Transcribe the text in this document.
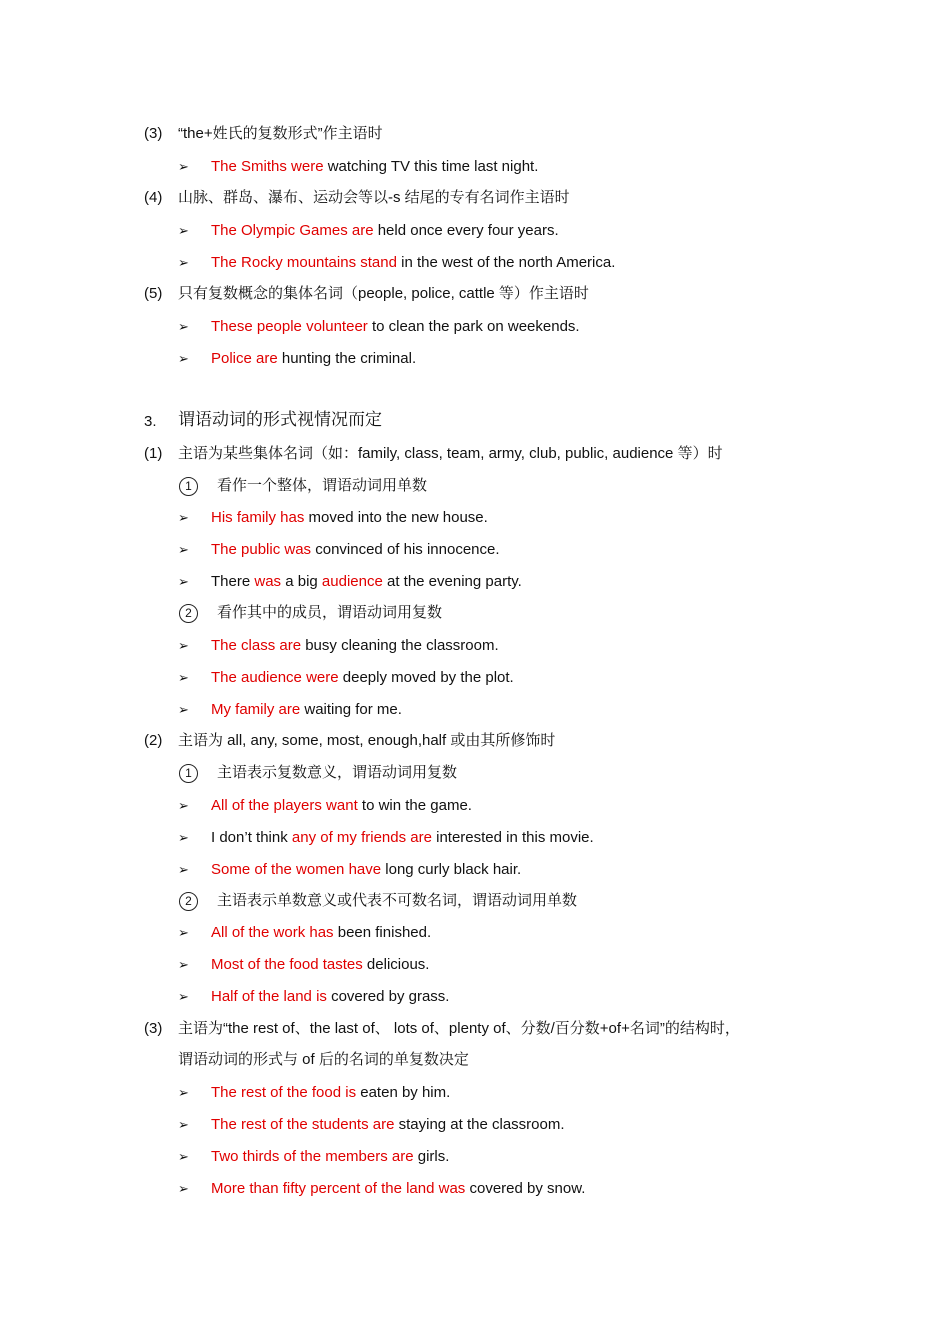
(3) “the+姓氏的复数形式”作主语时
➢ The Smiths were watching TV this time last night.
(4) 山脉、群岛、瀑布、运动会等以-s 结尾的专有名词作主语时
➢ The Olympic Games are held once every four years.
➢ The Rocky mountains stand in the west of the north America.
(5) 只有复数概念的集体名词（people, police, cattle 等）作主语时
➢ These people volunteer to clean the park on weekends.
➢ Police are hunting the criminal.
3. 谓语动词的形式视情况而定
(1) 主语为某些集体名词（如：family, class, team, army, club, public, audience 等）时
1	看作一个整体，谓语动词用单数
➢ His family has moved into the new house.
➢ The public was convinced of his innocence.
➢ There was a big audience at the evening party.
2	看作其中的成员，谓语动词用复数
➢ The class are busy cleaning the classroom.
➢ The audience were deeply moved by the plot.
➢ My family are waiting for me.
(2) 主语为 all, any, some, most, enough,half 或由其所修饰时
1	主语表示复数意义，谓语动词用复数
➢ All of the players want to win the game.
➢ I don’t think any of my friends are interested in this movie.
➢ Some of the women have long curly black hair.
2	主语表示单数意义或代表不可数名词，谓语动词用单数
➢ All of the work has been finished.
➢ Most of the food tastes delicious.
➢ Half of the land is covered by grass.
(3) 主语为“the rest of、the last of、 lots of、plenty of、分数/百分数+of+名词”的结构时，
谓语动词的形式与 of 后的名词的单复数决定
➢ The rest of the food is eaten by him.
➢ The rest of the students are staying at the classroom.
➢ Two thirds of the members are girls.
➢ More than fifty percent of the land was covered by snow.
